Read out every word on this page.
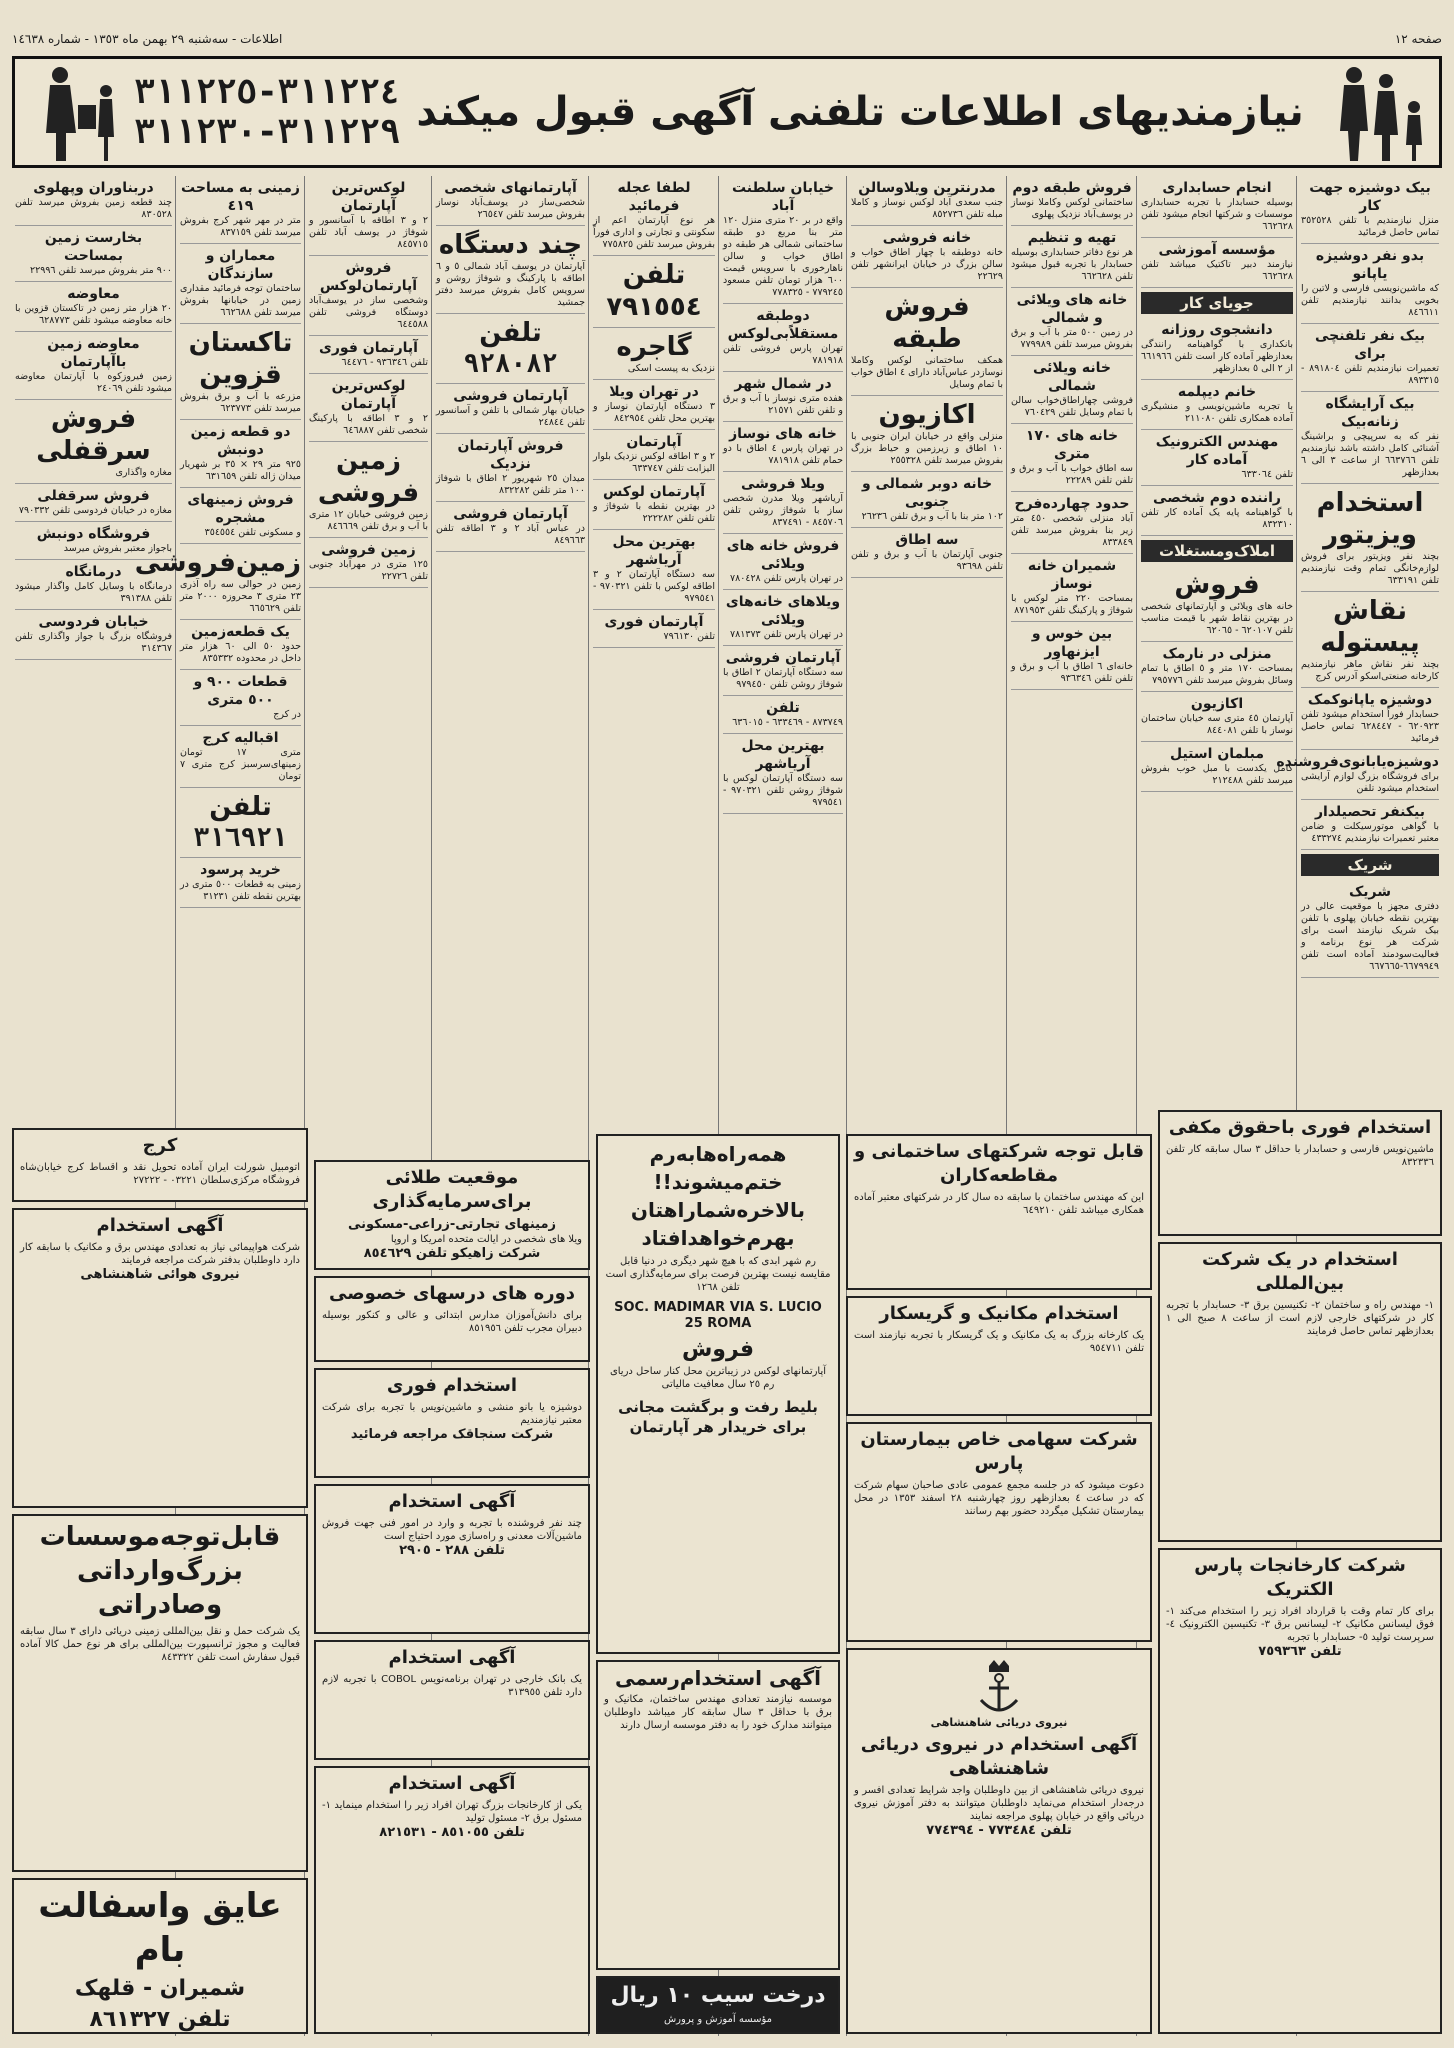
صفحه ١٢
اطلاعات - سه‌شنبه ٢٩ بهمن ماه ١٣٥٣ - شماره ١٤٦٣٨
نیازمندیهای اطلاعات تلفنی آگهی قبول میکند
٣١١٢٢٤-٣١١٢٢٥
٣١١٢٢٩-٣١١٢٣٠
بیک دوشیزه جهت کار
منزل نیازمندیم با تلفن ٣٥٢٥٢٨ تماس حاصل فرمائید
بدو نفر دوشیزه یاپانو
که ماشین‌نویسی فارسی و لاتین را بخوبی بدانند نیازمندیم تلفن ٨٤٦٦١١
بیک نفر تلفنچی برای
تعمیرات نیازمندیم تلفن ٨٩١٨٠٤ - ٨٩٣٣١٥
بیک آرایشگاه زنانه‌بیک
نفر که به سرپیچی و براشینگ آشنائی کامل داشته باشد نیازمندیم تلفن ٦٦٣٧٦٦ از ساعت ٣ الی ٦ بعدازظهر
استخدام ویزیتور
بچند نفر ویزیتور برای فروش لوازم‌خانگی تمام وقت نیازمندیم تلفن ٦٣٣١٩١
نقاش پیستوله
بچند نفر نقاش ماهر نیازمندیم کارخانه صنعتی‌اسکو آدرس کرج
دوشیزه یاپانو‌کمک
حسابدار فوراً استخدام میشود تلفن ٦٢٠٩٢٣ - ٦٢٨٤٤٧ تماس حاصل فرمائید
دوشیزه‌یابانوی‌فروشنده
برای فروشگاه بزرگ لوازم آرایشی استخدام میشود تلفن
بیکنفر تحصیلدار
با گواهی موتورسیکلت و ضامن معتبر تعمیرات نیازمندیم ٤٣٣٢٧٤
شریک
شریک
دفتری مجهز با موقعیت عالی در بهترین نقطه خیابان پهلوی با تلفن بیک شریک نیازمند است برای شرکت هر نوع برنامه و فعالیت‌سودمند آماده است تلفن ٦٦٧٩٩٤٩-٦٦٧٦٦٥
انجام حسابداری
بوسیله حسابدار با تجربه حسابداری موسسات و شرکتها انجام میشود تلفن ٦٦٢٦٢٨
مؤسسه آموزشی
نیازمند دبیر تاکتیک میباشد تلفن ٦٦٢٦٢٨
جویای کار
دانشجوی روزانه
بانکداری با گواهینامه رانندگی بعدازظهر آماده کار است تلفن ٦٦١٩٦٦ از ٢ الی ٥ بعدازظهر
خانم دیپلمه
با تجربه ماشین‌نویسی و منشیگری آماده همکاری تلفن ٢١١٠٨٠
مهندس الکترونیک آماده کار
تلفن ٦٣٣٠٦٤
راننده دوم شخصی
با گواهینامه پایه یک آماده کار تلفن ٨٣٢٣١٠
املاک‌ومستغلات
فروش
خانه های ویلائی و آپارتمانهای شخصی در بهترین نقاط شهر با قیمت مناسب تلفن ٦٢٠١٠٧ - ٦٢٠٦٥
منزلی در نارمک
بمساحت ١٧٠ متر و ٥ اطاق با تمام وسائل بفروش میرسد تلفن ٧٩٥٧٧٦
اکازیون
آپارتمان ٤٥ متری سه خیابان ساختمان نوساز با تلفن ٨٤٤٠٨١
مبلمان استیل
کامل یکدست با مبل خوب بفروش میرسد تلفن ٢١٢٤٨٨
فروش طبقه دوم
ساختمانی لوکس وکاملا نوساز در یوسف‌آباد نزدیک پهلوی
تهیه و تنظیم
هر نوع دفاتر حسابداری بوسیله حسابدار با تجربه قبول میشود تلفن ٦٦٢٦٢٨
خانه های ویلائی و شمالی
در زمین ٥٠٠ متر با آب و برق بفروش میرسد تلفن ٧٧٩٩٨٩
خانه ویلائی شمالی
فروشی چهاراطاق‌خواب سالن با تمام وسایل تلفن ٧٦٠٤٢٩
خانه های ١٧٠ متری
سه اطاق خواب با آب و برق و تلفن تلفن ٢٢٢٨٩
حدود چهارده‌فرح
آباد منزلی شخصی ٤٥٠ متر زیر بنا بفروش میرسد تلفن ٨٣٣٨٤٩
شمیران خانه نوساز
بمساحت ٢٢٠ متر لوکس با شوفاژ و پارکینگ تلفن ٨٧١٩٥٣
بین خوس و ایزنهاور
خانه‌ای ٦ اطاق با آب و برق و تلفن تلفن ٩٣٦٣٤٦
مدرنترین ویلاوسالن
جنب سعدی آباد لوکس نوساز و کاملا مبله تلفن ٨٥٢٧٣٦
خانه فروشی
خانه دوطبقه با چهار اطاق خواب و سالن بزرگ در خیابان ایرانشهر تلفن ٢٢٦٢٩
فروش طبقه
همکف ساختمانی لوکس وکاملا نوسازدر عباس‌آباد دارای ٤ اطاق خواب با تمام وسایل
اکازیون
منزلی واقع در خیابان ایران جنوبی با ١٠ اطاق و زیرزمین و حیاط بزرگ بفروش میرسد تلفن ٢٥٥٣٢٨
خانه دوبر شمالی و جنوبی
١٠٢ متر بنا با آب و برق تلفن ٢٦٢٣٦
سه اطاق
جنوبی آپارتمان با آب و برق و تلفن تلفن ٩٣٦٩٨
خیابان سلطنت آباد
واقع در بر ٢٠ متری منزل ١٢٠ متر بنا مربع دو طبقه ساختمانی شمالی هر طبقه دو اطاق خواب و سالن ناهارخوری با سرویس قیمت ٦٠٠ هزار تومان تلفن مسعود ٧٧٩٢٤٥ - ٧٧٨٣٢٥
دوطبقه مستقلاًبی‌لوکس
تهران پارس فروشی تلفن ٧٨١٩١٨
در شمال شهر
هفده‌ متری نوساز با آب و برق و تلفن تلفن ٢١٥٧١
خانه های نوساز
در تهران پارس ٤ اطاق با دو حمام تلفن ٧٨١٩١٨
ویلا فروشی
آریاشهر ویلا مدرن شخصی ساز با شوفاژ روشن تلفن ٨٤٥٧٠٦ - ٨٣٧٤٩١
فروش خانه های ویلائی
در تهران پارس تلفن ٧٨٠٤٢٨
ویلاهای خانه‌های ویلائی
در تهران پارس تلفن ٧٨١٣٧٣
آپارتمان فروشی
سه دستگاه آپارتمان ٢ اطاق با شوفاژ روشن تلفن ٩٧٩٤٥٠
تلفن
٨٧٣٧٤٩ - ٦٣٣٤٦٩ - ٦٣٦٠١٥
بهترین محل آریاشهر
سه دستگاه آپارتمان لوکس با شوفاژ روشن تلفن ٩٧٠٣٢١ - ٩٧٩٥٤١
لطفا عجله فرمائید
هر نوع آپارتمان اعم از سکونتی و تجارتی و اداری فوراً بفروش میرسد تلفن ٧٧٥٨٢٥
تلفن ٧٩١٥٥٤
گاجره
نزدیک به پیست اسکی
در تهران ویلا
٣ دستگاه آپارتمان نوساز و بهترین محل تلفن ٨٤٢٩٥٤
آپارتمان
٢ و ٣ اطاقه لوکس نزدیک بلوار الیزابت تلفن ٦٣٣٧٤٧
آپارتمان لوکس
در بهترین نقطه با شوفاژ و تلفن تلفن ٢٢٢٢٨٢
بهترین محل آریاشهر
سه دستگاه آپارتمان ٢ و ٣ اطاقه لوکس با تلفن ٩٧٠٣٢١ - ٩٧٩٥٤١
آپارتمان فوری
تلفن ٧٩٦١٣٠
آپارتمانهای شخصی
شخصی‌ساز در یوسف‌آباد نوساز بفروش میرسد تلفن ٢٦٥٤٧
چند دستگاه
آپارتمان در یوسف آباد شمالی ٥ و ٦ اطاقه با پارکینگ و شوفاژ روشن و سرویس کامل بفروش میرسد دفتر جمشید
تلفن
٩٢٨٠٨٢
آپارتمان فروشی
خیابان بهار شمالی با تلفن و آسانسور تلفن ٢٤٨٤٤
فروش آپارتمان نزدیک
میدان ٢٥ شهریور ٢ اطاق با شوفاژ ١٠٠ متر تلفن ٨٣٢٢٨٢
آپارتمان فروشی
در عباس آباد ٢ و ٣ اطاقه تلفن ٨٤٩٦٦٣
لوکس‌ترین آپارتمان
٢ و ٣ اطاقه با آسانسور و شوفاژ در یوسف آباد تلفن ٨٤٥٧١٥
فروش آپارتمان‌لوکس
وشخصی ساز در یوسف‌آباد دوستگاه فروشی تلفن ٦٤٤٥٨٨
آپارتمان فوری
تلفن ٩٣٦٣٤٦ - ٦٤٤٧٦
لوکس‌ترین آپارتمان
٢ و ٣ اطاقه با پارکینگ شخصی تلفن ٦٤٦٨٨٧
زمین فروشی
زمین فروشی خیابان ١٢ متری با آب و برق تلفن ٨٤٦٦٦٩
زمین فروشی
١٢٥ متری در مهرآباد جنوبی تلفن ٢٢٧٢٦
زمینی به مساحت ٤١٩
متر در مهر شهر کرج بفروش میرسد تلفن ٨٣٧١٥٩
معماران و سازندگان
ساختمان توجه فرمائید مقداری زمین در خیابانها بفروش میرسد تلفن ٦٦٢٦٨٨
تاکستان قزوین
مزرعه با آب و برق بفروش میرسد تلفن ٦٢٣٧٧٣
دو قطعه زمین دونبش
٩٢٥ متر ٢٩ × ٣٥ بر شهریار میدان ژاله تلفن ٦٣١٦٥٩
فروش زمینهای مشجره
و مسکونی تلفن ٣٥٤٥٥٤
زمین‌فروشی
زمین در حوالی سه راه آذری ٢٣ متری ٣ محروزه ٢٠٠٠ متر تلفن ٦٦٥٦٢٩
یک قطعه‌زمین
حدود ٥٠ الی ٦٠ هزار متر داخل در محدوده ٨٣٥٣٣٢
قطعات ٩٠٠ و ٥٠٠ متری
در کرج
اقبالیه کرج
متری ١٧ تومان زمینهای‌سرسبز کرج متری ٧ تومان
تلفن
٣١٦٩٢١
خرید پرسود
زمینی به قطعات ٥٠٠ متری در بهترین نقطه تلفن ٣١٢٣١
دربناوران وپهلوی
چند قطعه زمین بفروش میرسد تلفن ٨٣٠٥٢٨
بخارست زمین بمساحت
٩٠٠ متر بفروش میرسد تلفن ٢٢٩٩٦
معاوضه
٢٠ هزار متر زمین در تاکستان قزوین با خانه معاوضه میشود تلفن ٦٢٨٧٧٣
معاوضه زمین باآپارتمان
زمین فیروزکوه با آپارتمان معاوضه میشود تلفن ٢٤٠٦٩
فروش سرقفلی
مغازه واگذاری
فروش سرقفلی
مغازه در خیابان فردوسی تلفن ٧٩٠٣٣٢
فروشگاه دونبش
باجواز معتبر بفروش میرسد
درمانگاه
درمانگاه با وسایل کامل واگذار میشود تلفن ٣٩١٣٨٨
خیابان فردوسی
فروشگاه بزرگ با جواز واگذاری تلفن ٣١٤٣٦٧
کرج
اتومبیل شورلت ایران آماده تحویل نقد و اقساط کرج خیابان‌شاه فروشگاه مرکزی‌سلطان ٠٣٢٢١ - ٢٧٢٢٢
آگهی استخدام
شرکت هواپیمائی نیاز به تعدادی مهندس برق و مکانیک با سابقه کار دارد داوطلبان بدفتر شرکت مراجعه فرمایند
نیروی هوائی شاهنشاهی
قابل‌توجه‌موسسات بزرگ‌وارداتی وصادراتی
یک شرکت حمل و نقل بین‌المللی زمینی دریائی دارای ٣ سال سابقه فعالیت و مجوز ترانسپورت بین‌المللی برای هر نوع حمل کالا آماده قبول سفارش است تلفن ٨٤٣٣٢٢
عایق واسفالت بام
شمیران - قلهک
تلفن ٨٦١٣٢٧
موقعیت طلائی برای‌سرمایه‌گذاری
زمینهای تجارتی‌-‌زراعی‌-‌مسکونی
ویلا های شخصی در ایالت متحده امریکا و اروپا
شرکت زاهیکو تلفن ٨٥٤٦٢٩
دوره های درسهای خصوصی
برای دانش‌آموزان مدارس ابتدائی و عالی و کنکور بوسیله دبیران مجرب تلفن ٨٥١٩٥٦
استخدام فوری
دوشیزه یا بانو منشی‌ و ماشین‌نویس با تجربه برای شرکت معتبر نیازمندیم
شرکت سنجاقک مراجعه فرمائید
آگهی استخدام
چند نفر فروشنده با تجربه و وارد در امور فنی جهت فروش ماشین‌آلات معدنی و راه‌سازی مورد احتیاج است
تلفن ٢٨٨ - ٢٩٠٥
آگهی استخدام
یک بانک خارجی در تهران برنامه‌نویس COBOL با تجربه لازم دارد تلفن ٣١٣٩٥٥
آگهی استخدام
یکی از کارخانجات بزرگ تهران افراد زیر را استخدام مینماید ١- مسئول برق ٢- مسئول تولید
تلفن ٨٥١٠٥٥ - ٨٢١٥٣١
همه‌راه‌ها‌به‌رم ختم‌میشوند!! بالاخره‌شماراهتان بهرم‌خواهدافتاد
رم شهر ابدی که با هیچ شهر دیگری در دنیا قابل مقایسه نیست بهترین فرصت برای سرمایه‌گذاری است تلفن ١٢٦٨
SOC. MADIMAR VIA S. LUCIO 25 ROMA
فروش
آپارتمانهای لوکس در زیباترین محل کنار ساحل دریای رم ٢٥ سال معافیت مالیاتی
بلیط رفت و برگشت مجانی برای خریدار هر آپارتمان
آگهی استخدام‌رسمی
موسسه نیازمند تعدادی مهندس ساختمان، مکانیک و برق با حداقل ٣ سال سابقه کار میباشد داوطلبان میتوانند مدارک خود را به دفتر موسسه ارسال دارند
درخت سیب ١٠ ریال
مؤسسه آموزش و پرورش
قابل توجه شرکتهای ساختمانی و مقاطعه‌کاران
این که مهندس ساختمان با سابقه ده سال کار در شرکتهای معتبر آماده همکاری میباشد تلفن ٦٤٩٢١٠
استخدام مکانیک و گریسکار
یک کارخانه بزرگ به یک مکانیک و یک گریسکار با تجربه نیازمند است تلفن ٩٥٤٧١١
شرکت سهامی خاص بیمارستان پارس
دعوت میشود که در جلسه مجمع عمومی عادی صاحبان سهام شرکت که در ساعت ٤ بعدازظهر روز چهارشنبه ٢٨ اسفند ١٣٥٣ در محل بیمارستان تشکیل میگردد حضور بهم رسانند
نیروی دریائی شاهنشاهی
آگهی استخدام در نیروی دریائی شاهنشاهی
نیروی دریائی شاهنشاهی از بین داوطلبان واجد شرایط تعدادی افسر و درجه‌دار استخدام می‌نماید داوطلبان میتوانند به دفتر آموزش نیروی دریائی واقع در خیابان پهلوی مراجعه نمایند
تلفن ٧٧٣٤٨٤ - ٧٧٤٣٩٤
استخدام فوری باحقوق مکفی
ماشین‌نویس فارسی و حسابدار با حداقل ٣ سال سابقه کار تلفن ٨٣٢٣٣٦
استخدام در یک شرکت بین‌المللی
۱- مهندس راه و ساختمان ٢- تکنیسین برق ٣- حسابدار با تجربه کار در شرکتهای خارجی لازم است از ساعت ٨ صبح الی ١ بعدازظهر تماس حاصل فرمایند
شرکت کارخانجات پارس الکتریک
برای کار تمام وقت با قرارداد افراد زیر را استخدام می‌کند ١- فوق لیسانس مکانیک ٢- لیسانس برق ٣- تکنیسین الکترونیک ٤- سرپرست تولید ٥- حسابدار با تجربه
تلفن ٧٥٩٣٦٣
